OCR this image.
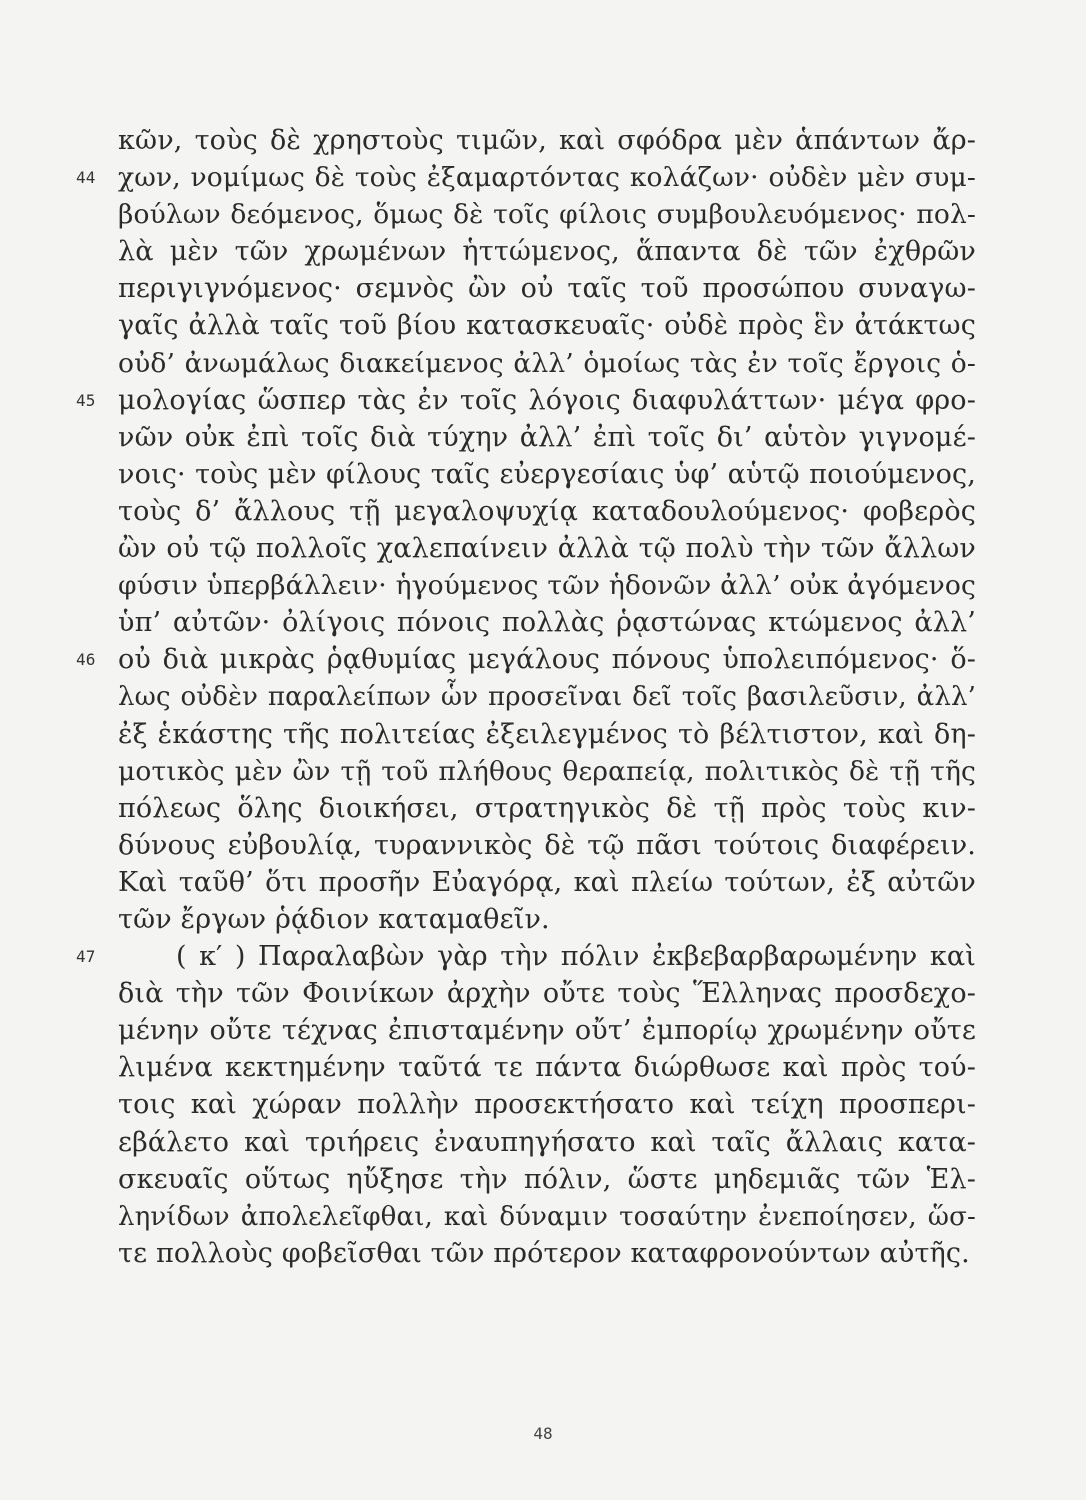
κῶν, τοὺς δὲ χρηστοὺς τιμῶν, καὶ σφόδρα μὲν ἁπάντων ἄρ-
44 χων, νομίμως δὲ τοὺς ἐξαμαρτόντας κολάζων· οὐδὲν μὲν συμ-
βούλων δεόμενος, ὅμως δὲ τοῖς φίλοις συμβουλευόμενος· πολ-
λὰ μὲν τῶν χρωμένων ἡττώμενος, ἅπαντα δὲ τῶν ἐχθρῶν
περιγιγνόμενος· σεμνὸς ὢν οὐ ταῖς τοῦ προσώπου συναγω-
γαῖς ἀλλὰ ταῖς τοῦ βίου κατασκευαῖς· οὐδὲ πρὸς ἓν ἀτάκτως
οὐδ’ ἀνωμάλως διακείμενος ἀλλ’ ὁμοίως τὰς ἐν τοῖς ἔργοις ὁ-
45 μολογίας ὥσπερ τὰς ἐν τοῖς λόγοις διαφυλάττων· μέγα φρο-
νῶν οὐκ ἐπὶ τοῖς διὰ τύχην ἀλλ’ ἐπὶ τοῖς δι’ αὑτὸν γιγνομέ-
νοις· τοὺς μὲν φίλους ταῖς εὐεργεσίαις ὑφ’ αὑτῷ ποιούμενος,
τοὺς δ’ ἄλλους τῇ μεγαλοψυχίᾳ καταδουλούμενος· φοβερὸς
ὢν οὐ τῷ πολλοῖς χαλεπαίνειν ἀλλὰ τῷ πολὺ τὴν τῶν ἄλλων
φύσιν ὑπερβάλλειν· ἡγούμενος τῶν ἡδονῶν ἀλλ’ οὐκ ἀγόμενος
ὑπ’ αὐτῶν· ὀλίγοις πόνοις πολλὰς ῥᾳστώνας κτώμενος ἀλλ’
46 οὐ διὰ μικρὰς ῥᾳθυμίας μεγάλους πόνους ὑπολειπόμενος· ὅ-
λως οὐδὲν παραλείπων ὧν προσεῖναι δεῖ τοῖς βασιλεῦσιν, ἀλλ’
ἐξ ἑκάστης τῆς πολιτείας ἐξειλεγμένος τὸ βέλτιστον, καὶ δη-
μοτικὸς μὲν ὢν τῇ τοῦ πλήθους θεραπείᾳ, πολιτικὸς δὲ τῇ τῆς
πόλεως ὅλης διοικήσει, στρατηγικὸς δὲ τῇ πρὸς τοὺς κιν-
δύνους εὐβουλίᾳ, τυραννικὸς δὲ τῷ πᾶσι τούτοις διαφέρειν.
Καὶ ταῦθ’ ὅτι προσῆν Εὐαγόρᾳ, καὶ πλείω τούτων, ἐξ αὐτῶν
τῶν ἔργων ῥᾴδιον καταμαθεῖν.
47	( κ′ ) Παραλαβὼν γὰρ τὴν πόλιν ἐκβεβαρβαρωμένην καὶ
διὰ τὴν τῶν Φοινίκων ἀρχὴν οὔτε τοὺς Ἕλληνας προσδεχο-
μένην οὔτε τέχνας ἐπισταμένην οὔτ’ ἐμπορίῳ χρωμένην οὔτε
λιμένα κεκτημένην ταῦτά τε πάντα διώρθωσε καὶ πρὸς τού-
τοις καὶ χώραν πολλὴν προσεκτήσατο καὶ τείχη προσπερι-
εβάλετο καὶ τριήρεις ἐναυπηγήσατο καὶ ταῖς ἄλλαις κατα-
σκευαῖς οὕτως ηὔξησε τὴν πόλιν, ὥστε μηδεμιᾶς τῶν Ἑλ-
ληνίδων ἀπολελεῖφθαι, καὶ δύναμιν τοσαύτην ἐνεποίησεν, ὥσ-
τε πολλοὺς φοβεῖσθαι τῶν πρότερον καταφρονούντων αὐτῆς.
48
